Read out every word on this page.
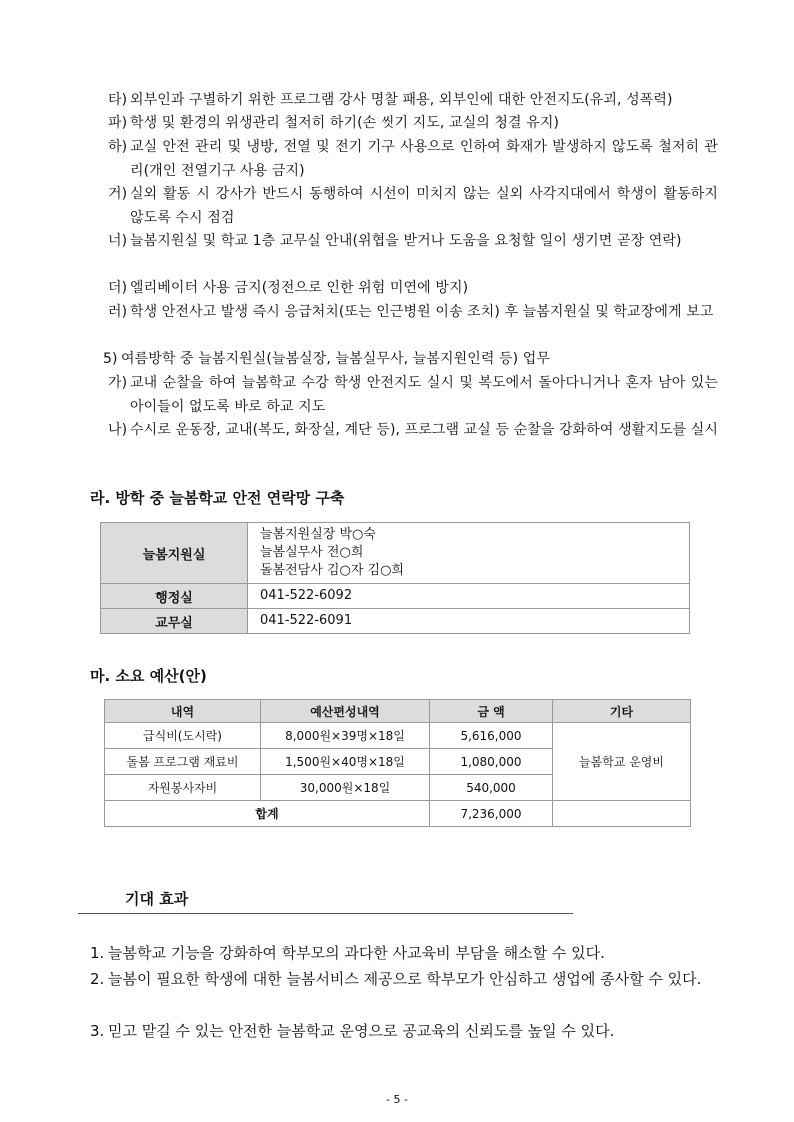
타) 외부인과 구별하기 위한 프로그램 강사 명찰 패용, 외부인에 대한 안전지도(유괴, 성폭력)
파) 학생 및 환경의 위생관리 철저히 하기(손 씻기 지도, 교실의 청결 유지)
하) 교실 안전 관리 및 냉방, 전열 및 전기 기구 사용으로 인하여 화재가 발생하지 않도록 철저히 관리(개인 전열기구 사용 금지)
거) 실외 활동 시 강사가 반드시 동행하여 시선이 미치지 않는 실외 사각지대에서 학생이 활동하지 않도록 수시 점검
너) 늘봄지원실 및 학교 1층 교무실 안내(위협을 받거나 도움을 요청할 일이 생기면 곧장 연락)
더) 엘리베이터 사용 금지(정전으로 인한 위험 미연에 방지)
러) 학생 안전사고 발생 즉시 응급처치(또는 인근병원 이송 조치) 후 늘봄지원실 및 학교장에게 보고
5) 여름방학 중 늘봄지원실(늘봄실장, 늘봄실무사, 늘봄지원인력 등) 업무
가) 교내 순찰을 하여 늘봄학교 수강 학생 안전지도 실시 및 복도에서 돌아다니거나 혼자 남아 있는 아이들이 없도록 바로 하교 지도
나) 수시로 운동장, 교내(복도, 화장실, 계단 등), 프로그램 교실 등 순찰을 강화하여 생활지도를 실시
라. 방학 중 늘봄학교 안전 연락망 구축
늘봄지원실	늘봄지원실장 박○숙
늘봄실무사 전○희
돌봄전담사 김○자 김○희

행정실	041-522-6092
교무실	041-522-6091
마. 소요 예산(안)
내역	예산편성내역	금 액	기타
급식비(도시락)	8,000원×39명×18일	5,616,000	늘봄학교 운영비
돌봄 프로그램 재료비	1,500원×40명×18일	1,080,000	
자원봉사자비	30,000원×18일	540,000	
합계		7,236,000	
기대 효과
1. 늘봄학교 기능을 강화하여 학부모의 과다한 사교육비 부담을 해소할 수 있다.
2. 늘봄이 필요한 학생에 대한 늘봄서비스 제공으로 학부모가 안심하고 생업에 종사할 수 있다.
3. 믿고 맡길 수 있는 안전한 늘봄학교 운영으로 공교육의 신뢰도를 높일 수 있다.
- 5 -
